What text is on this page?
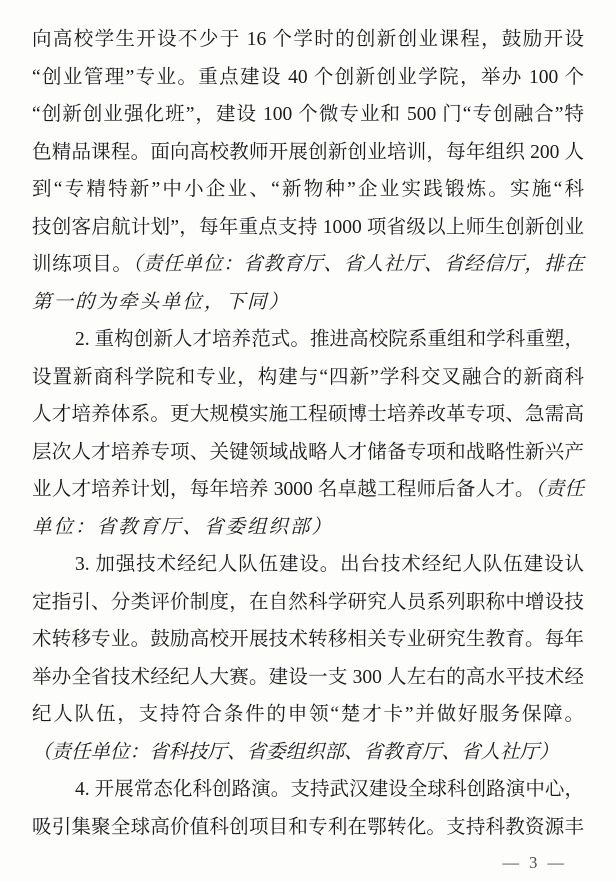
向高校学生开设不少于 16 个学时的创新创业课程，鼓励开设
“创业管理”专业。重点建设 40 个创新创业学院，举办 100 个
“创新创业强化班”，建设 100 个微专业和 500 门“专创融合”特
色精品课程。面向高校教师开展创新创业培训，每年组织 200 人
到“专精特新”中小企业、“新物种”企业实践锻炼。实施“科
技创客启航计划”，每年重点支持 1000 项省级以上师生创新创业
训练项目。（责任单位：省教育厅、省人社厅、省经信厅，排在
第一的为牵头单位，下同）
2. 重构创新人才培养范式。推进高校院系重组和学科重塑，
设置新商科学院和专业，构建与“四新”学科交叉融合的新商科
人才培养体系。更大规模实施工程硕博士培养改革专项、急需高
层次人才培养专项、关键领域战略人才储备专项和战略性新兴产
业人才培养计划，每年培养 3000 名卓越工程师后备人才。（责任
单位：省教育厅、省委组织部）
3. 加强技术经纪人队伍建设。出台技术经纪人队伍建设认
定指引、分类评价制度，在自然科学研究人员系列职称中增设技
术转移专业。鼓励高校开展技术转移相关专业研究生教育。每年
举办全省技术经纪人大赛。建设一支 300 人左右的高水平技术经
纪人队伍，支持符合条件的申领“楚才卡”并做好服务保障。
（责任单位：省科技厅、省委组织部、省教育厅、省人社厅）
4. 开展常态化科创路演。支持武汉建设全球科创路演中心，
吸引集聚全球高价值科创项目和专利在鄂转化。支持科教资源丰
— 3 —
